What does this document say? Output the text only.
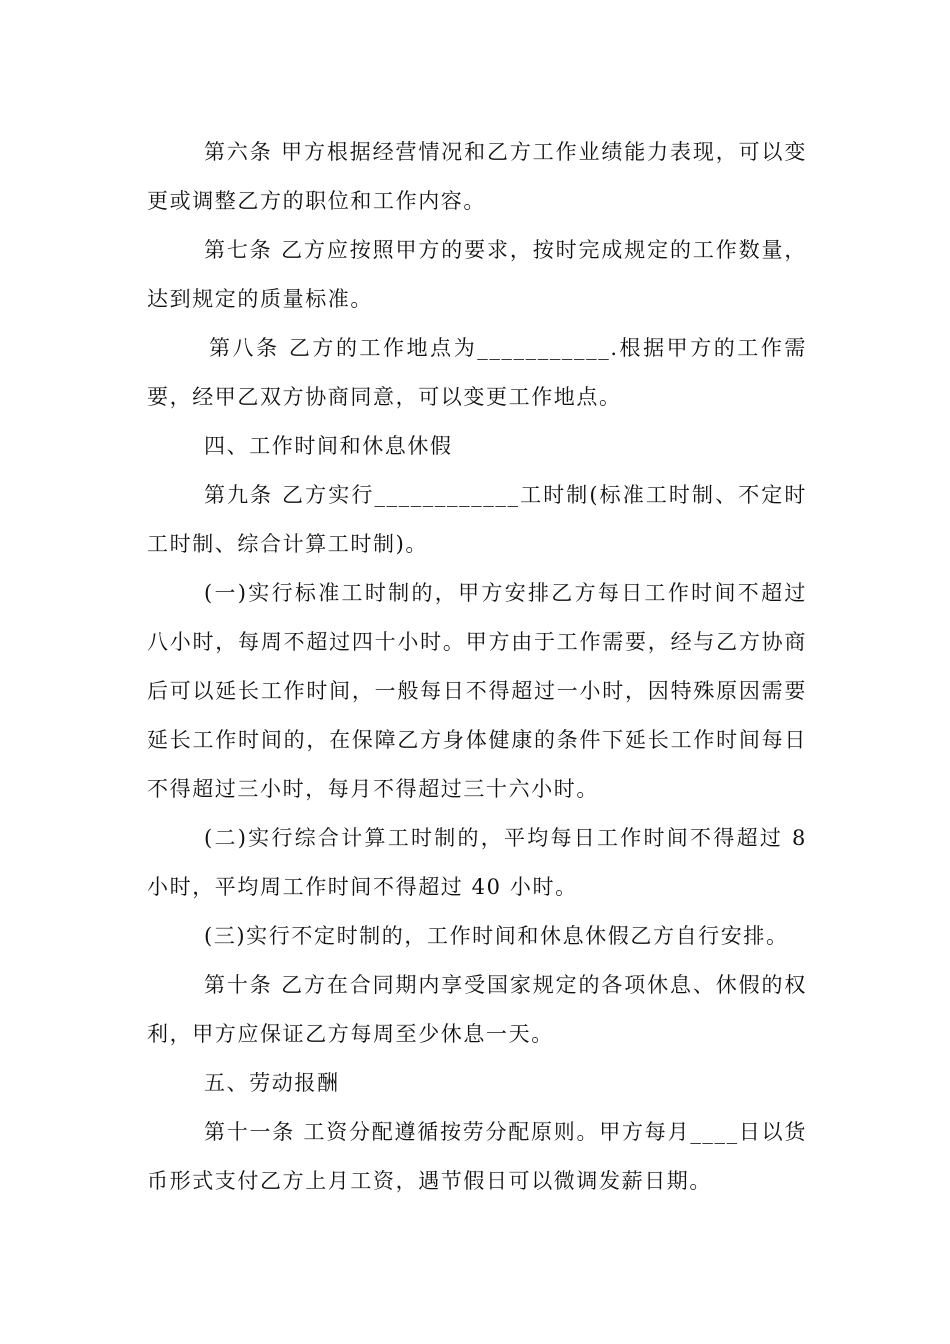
第六条 甲方根据经营情况和乙方工作业绩能力表现，可以变更或调整乙方的职位和工作内容。

第七条 乙方应按照甲方的要求，按时完成规定的工作数量，达到规定的质量标准。

第八条 乙方的工作地点为___________.根据甲方的工作需要，经甲乙双方协商同意，可以变更工作地点。

四、工作时间和休息休假

第九条 乙方实行____________工时制(标准工时制、不定时工时制、综合计算工时制)。

(一)实行标准工时制的，甲方安排乙方每日工作时间不超过八小时，每周不超过四十小时。甲方由于工作需要，经与乙方协商后可以延长工作时间，一般每日不得超过一小时，因特殊原因需要延长工作时间的，在保障乙方身体健康的条件下延长工作时间每日不得超过三小时，每月不得超过三十六小时。

(二)实行综合计算工时制的，平均每日工作时间不得超过 8 小时，平均周工作时间不得超过 40 小时。

(三)实行不定时制的，工作时间和休息休假乙方自行安排。

第十条 乙方在合同期内享受国家规定的各项休息、休假的权利，甲方应保证乙方每周至少休息一天。

五、劳动报酬

第十一条 工资分配遵循按劳分配原则。甲方每月____日以货币形式支付乙方上月工资，遇节假日可以微调发薪日期。
